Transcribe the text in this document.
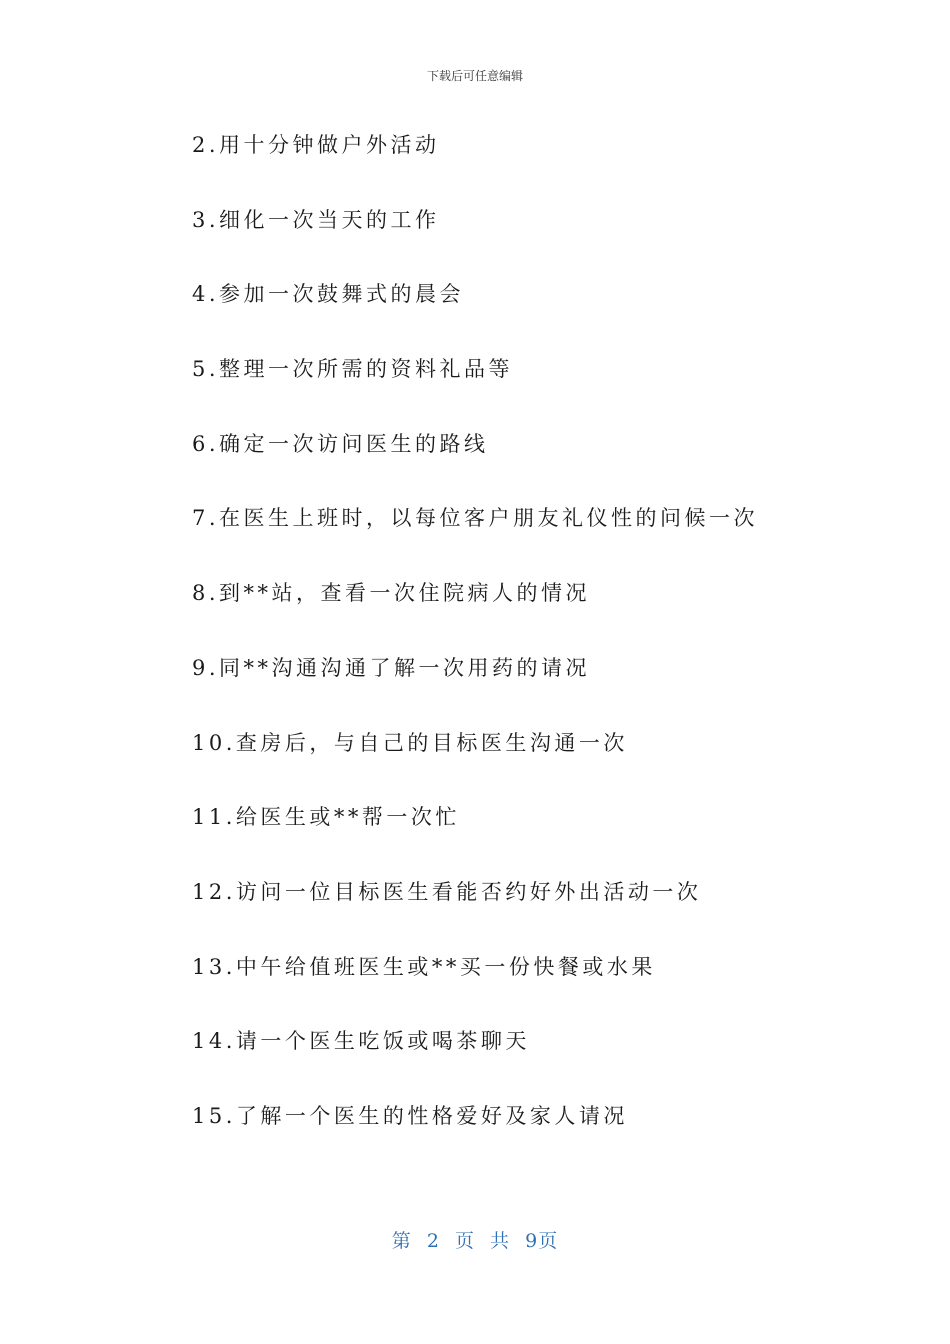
下载后可任意编辑
2.用十分钟做户外活动
3.细化一次当天的工作
4.参加一次鼓舞式的晨会
5.整理一次所需的资料礼品等
6.确定一次访问医生的路线
7.在医生上班时，以每位客户朋友礼仪性的问候一次
8.到**站，查看一次住院病人的情况
9.同**沟通沟通了解一次用药的请况
10.查房后，与自己的目标医生沟通一次
11.给医生或**帮一次忙
12.访问一位目标医生看能否约好外出活动一次
13.中午给值班医生或**买一份快餐或水果
14.请一个医生吃饭或喝茶聊天
15.了解一个医生的性格爱好及家人请况
第 2 页 共 9页
